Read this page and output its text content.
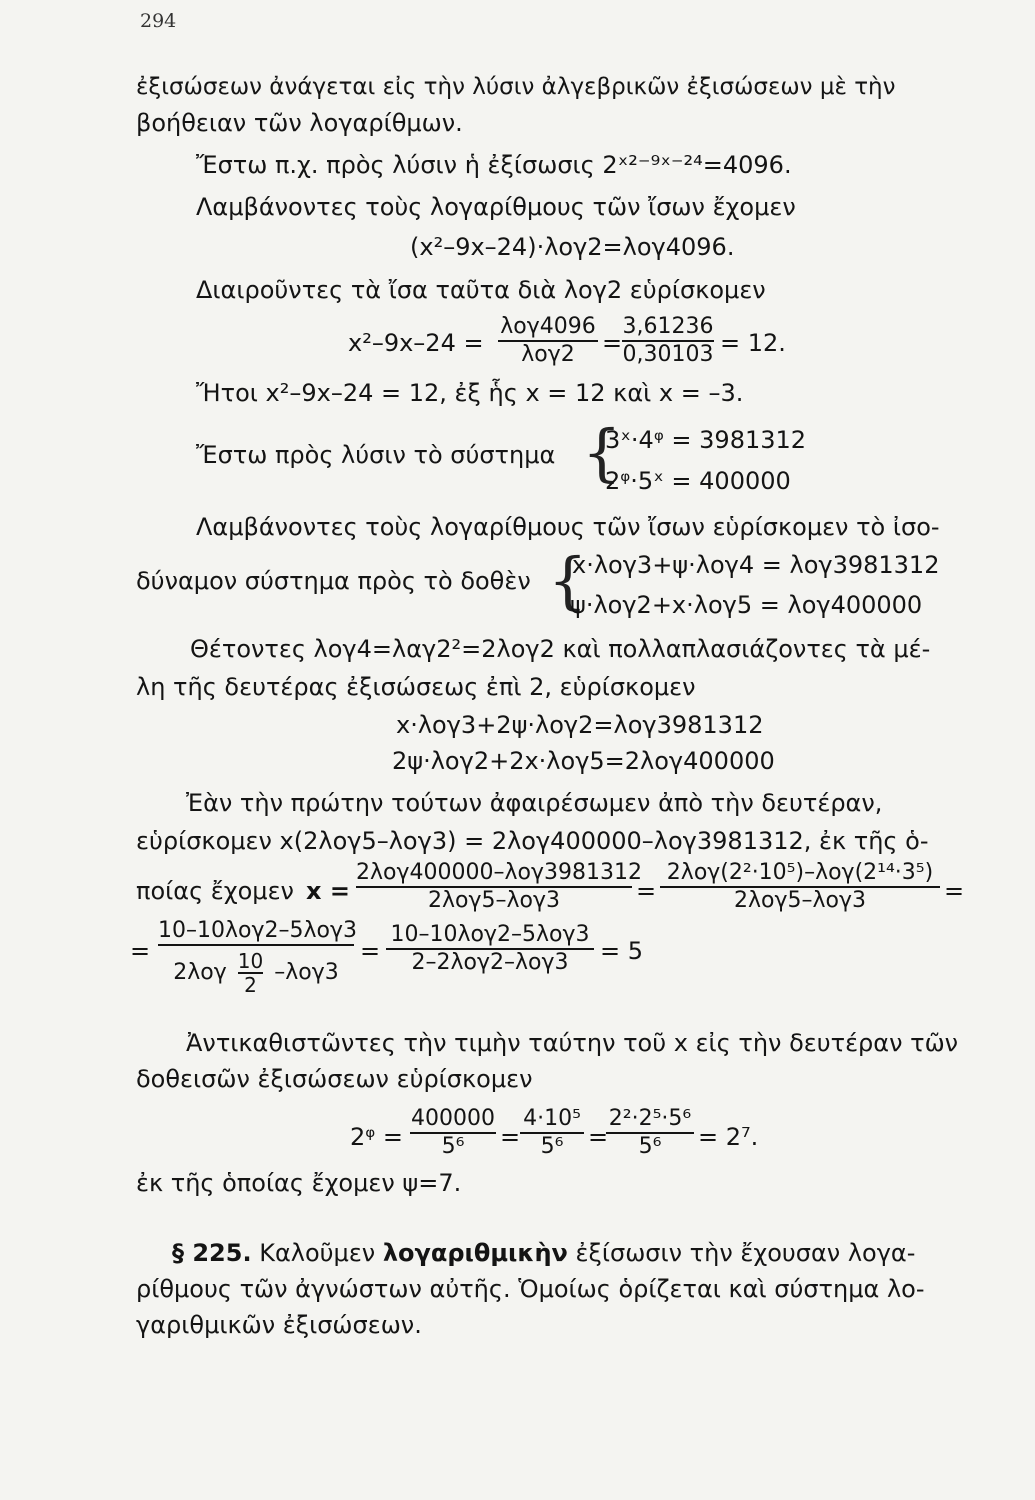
294
ἐξισώσεων ἀνάγεται εἰς τὴν λύσιν ἀλγεβρικῶν ἐξισώσεων μὲ τὴν
βοήθειαν τῶν λογαρίθμων.
Ἔστω π.χ. πρὸς λύσιν ἡ ἐξίσωσις 2ˣ²⁻⁹ˣ⁻²⁴=4096.
Λαμβάνοντες τοὺς λογαρίθμους τῶν ἴσων ἔχομεν
(x²–9x–24)·λογ2=λογ4096.
Διαιροῦντες τὰ ἴσα ταῦτα διὰ λογ2 εὑρίσκομεν
x²–9x–24 =
λογ4096
λογ2	= $\frac{3,61236}{0,30103} = 12$.
Ἤτοι x²–9x–24 = 12, ἐξ ἧς x = 12 καὶ x = –3.
Ἔστω πρὸς λύσιν τὸ σύστημα {
3ˣ·4ᵠ = 3981312
2ᵠ·5ˣ = 400000
Λαμβάνοντες τοὺς λογαρίθμους τῶν ἴσων εὑρίσκομεν τὸ ἰσο-
δύναμον σύστημα πρὸς τὸ δοθὲν {
x·λογ3+ψ·λογ4 = λογ3981312
ψ·λογ2+x·λογ5 = λογ400000
Θέτοντες λογ4=λαγ2²=2λογ2 καὶ πολλαπλασιάζοντες τὰ μέ-
λη τῆς δευτέρας ἐξισώσεως ἐπὶ 2, εὑρίσκομεν
x·λογ3+2ψ·λογ2=λογ3981312
2ψ·λογ2+2x·λογ5=2λογ400000
Ἐὰν τὴν πρώτην τούτων ἀφαιρέσωμεν ἀπὸ τὴν δευτέραν,
εὑρίσκομεν x(2λογ5–λογ3) = 2λογ400000–λογ3981312, ἐκ τῆς ὁ-
ποίας ἔχομεν x =
2λογ400000–λογ3981312
2λογ5–λογ3	=
2λογ(2²·10⁵)–λογ(2¹⁴·3⁵)
2λογ5–λογ3	=
=
10–10λογ2–5λογ3
$2\lambda o\gamma \frac{10}{2} -\lambda o\gamma 3$
=
10–10λογ2–5λογ3
2–2λογ2–λογ3	= 5
Ἀντικαθιστῶντες τὴν τιμὴν ταύτην τοῦ x εἰς τὴν δευτέραν τῶν
δοθεισῶν ἐξισώσεων εὑρίσκομεν
2ᵠ = $\frac{400000}{\text{5⁶}} = \frac{\text{4·10⁵}}{\text{5⁶}}$ =
$\frac{\text{2²·2⁵·5⁶}}{\text{5⁶}} = 2^7$.
ἐκ τῆς ὁποίας ἔχομεν ψ=7.
§ 225. Καλοῦμεν λογαριθμικὴν ἐξίσωσιν τὴν ἔχουσαν λογα-
ρίθμους τῶν ἀγνώστων αὐτῆς. Ὁμοίως ὁρίζεται καὶ σύστημα λο-
γαριθμικῶν ἐξισώσεων.
